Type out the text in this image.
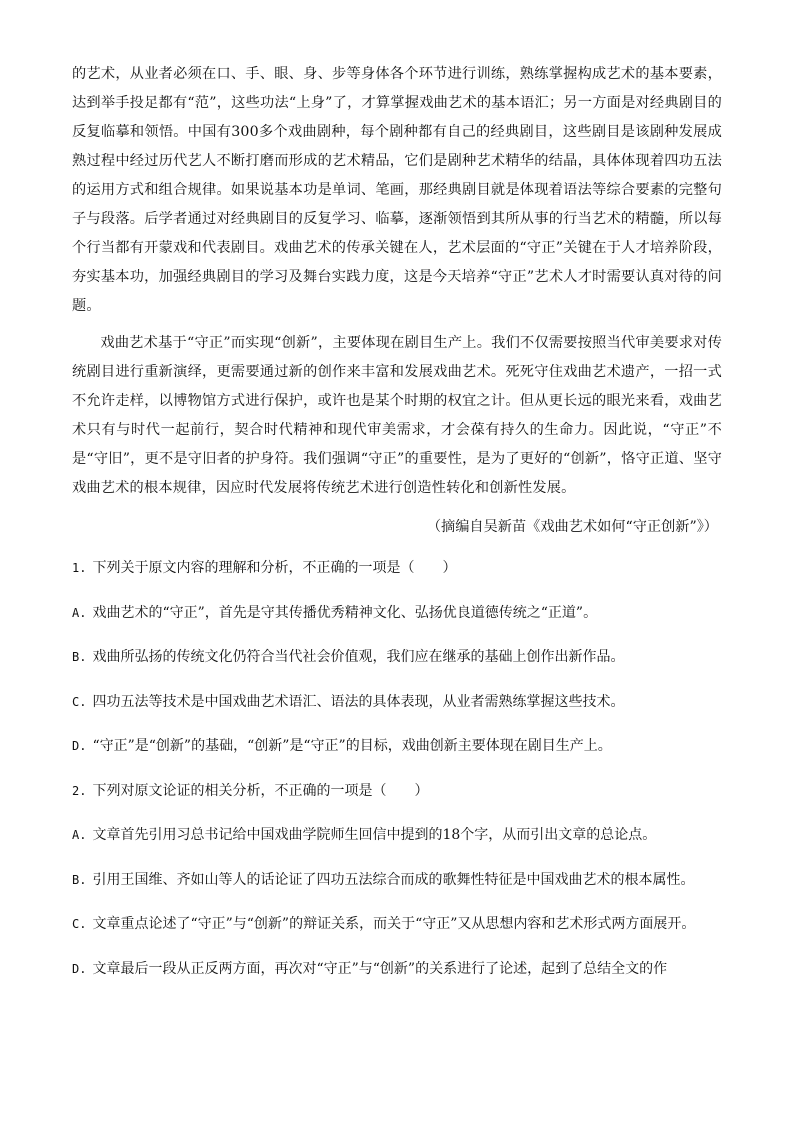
的艺术，从业者必须在口、手、眼、身、步等身体各个环节进行训练，熟练掌握构成艺术的基本要素，达到举手投足都有“范”，这些功法“上身”了，才算掌握戏曲艺术的基本语汇；另一方面是对经典剧目的反复临摹和领悟。中国有300多个戏曲剧种，每个剧种都有自己的经典剧目，这些剧目是该剧种发展成熟过程中经过历代艺人不断打磨而形成的艺术精品，它们是剧种艺术精华的结晶，具体体现着四功五法的运用方式和组合规律。如果说基本功是单词、笔画，那经典剧目就是体现着语法等综合要素的完整句子与段落。后学者通过对经典剧目的反复学习、临摹，逐渐领悟到其所从事的行当艺术的精髓，所以每个行当都有开蒙戏和代表剧目。戏曲艺术的传承关键在人，艺术层面的“守正”关键在于人才培养阶段，夯实基本功，加强经典剧目的学习及舞台实践力度，这是今天培养“守正”艺术人才时需要认真对待的问题。

戏曲艺术基于“守正”而实现“创新”，主要体现在剧目生产上。我们不仅需要按照当代审美要求对传统剧目进行重新演绎，更需要通过新的创作来丰富和发展戏曲艺术。死死守住戏曲艺术遗产，一招一式不允许走样，以博物馆方式进行保护，或许也是某个时期的权宜之计。但从更长远的眼光来看，戏曲艺术只有与时代一起前行，契合时代精神和现代审美需求，才会葆有持久的生命力。因此说，“守正”不是“守旧”，更不是守旧者的护身符。我们强调“守正”的重要性，是为了更好的“创新”，恪守正道、坚守戏曲艺术的根本规律，因应时代发展将传统艺术进行创造性转化和创新性发展。

（摘编自吴新苗《戏曲艺术如何“守正创新”》）

1. 下列关于原文内容的理解和分析，不正确的一项是（　　）

A. 戏曲艺术的“守正”，首先是守其传播优秀精神文化、弘扬优良道德传统之“正道”。

B. 戏曲所弘扬的传统文化仍符合当代社会价值观，我们应在继承的基础上创作出新作品。

C. 四功五法等技术是中国戏曲艺术语汇、语法的具体表现，从业者需熟练掌握这些技术。

D. “守正”是“创新”的基础，“创新”是“守正”的目标，戏曲创新主要体现在剧目生产上。

2. 下列对原文论证的相关分析，不正确的一项是（　　）

A. 文章首先引用习总书记给中国戏曲学院师生回信中提到的18个字，从而引出文章的总论点。

B. 引用王国维、齐如山等人的话论证了四功五法综合而成的歌舞性特征是中国戏曲艺术的根本属性。

C. 文章重点论述了“守正”与“创新”的辩证关系，而关于“守正”又从思想内容和艺术形式两方面展开。

D. 文章最后一段从正反两方面，再次对“守正”与“创新”的关系进行了论述，起到了总结全文的作
